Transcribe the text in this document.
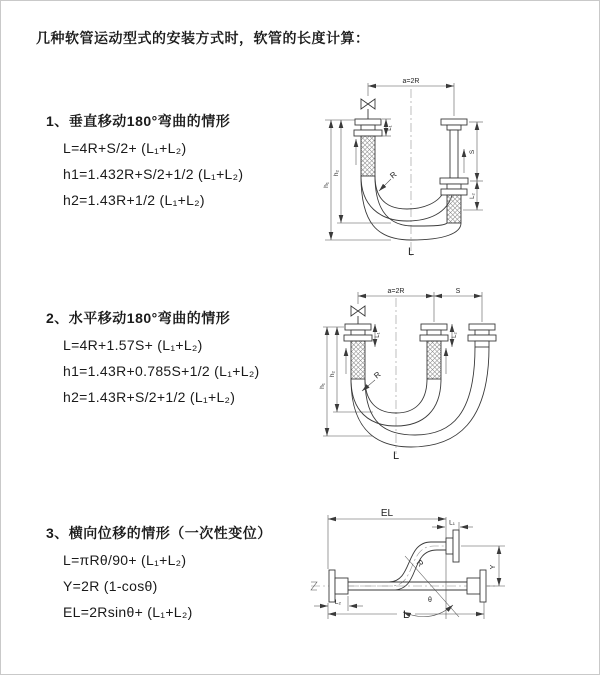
几种软管运动型式的安装方式时，软管的长度计算：
1、垂直移动180°弯曲的情形
L=4R+S/2+ (L₁+L₂)
h1=1.432R+S/2+1/2 (L₁+L₂)
h2=1.43R+1/2 (L₁+L₂)
2、水平移动180°弯曲的情形
L=4R+1.57S+ (L₁+L₂)
h1=1.43R+0.785S+1/2 (L₁+L₂)
h2=1.43R+S/2+1/2 (L₁+L₂)
3、横向位移的情形（一次性变位）
L=πRθ/90+ (L₁+L₂)
Y=2R (1-cosθ)
EL=2Rsinθ+ (L₁+L₂)
a=2R
h₁
h₂
L₁
S
L₂
R
L
a=2R	S
h₁
h₂
L₁	L₂
R
L
EL
L₁
Y
R
θ
L₂
L
